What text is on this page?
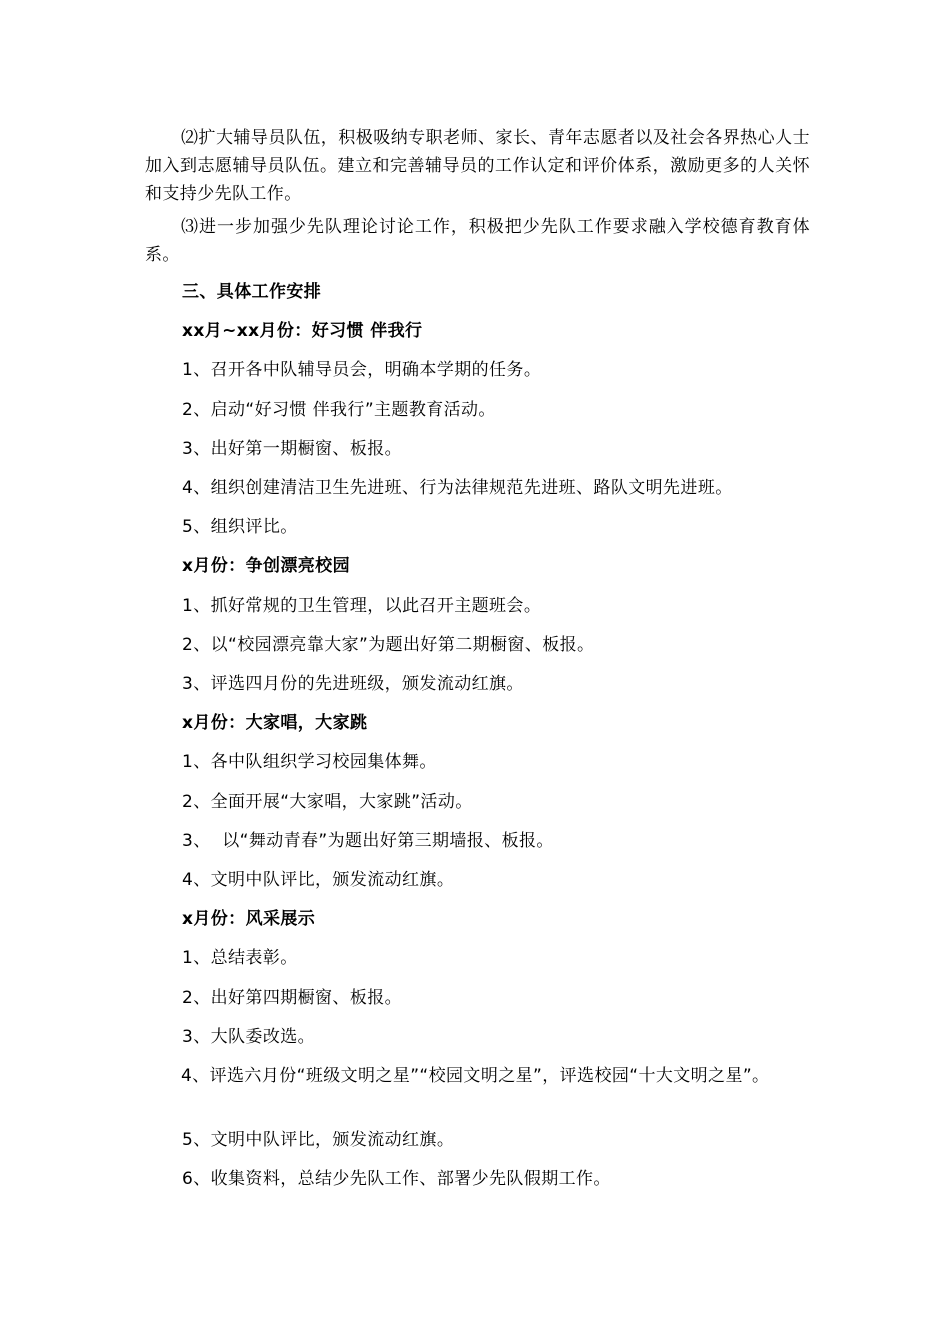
⑵扩大辅导员队伍，积极吸纳专职老师、家长、青年志愿者以及社会各界热心人士加入到志愿辅导员队伍。建立和完善辅导员的工作认定和评价体系，激励更多的人关怀和支持少先队工作。

⑶进一步加强少先队理论讨论工作，积极把少先队工作要求融入学校德育教育体系。

三、具体工作安排

xx月~xx月份：好习惯 伴我行

1、召开各中队辅导员会，明确本学期的任务。

2、启动“好习惯 伴我行”主题教育活动。

3、出好第一期橱窗、板报。

4、组织创建清洁卫生先进班、行为法律规范先进班、路队文明先进班。

5、组织评比。

x月份：争创漂亮校园

1、抓好常规的卫生管理，以此召开主题班会。

2、以“校园漂亮靠大家”为题出好第二期橱窗、板报。

3、评选四月份的先进班级，颁发流动红旗。

x月份：大家唱，大家跳

1、各中队组织学习校园集体舞。

2、全面开展“大家唱，大家跳”活动。

3、  以“舞动青春”为题出好第三期墙报、板报。

4、文明中队评比，颁发流动红旗。

x月份：风采展示

1、总结表彰。

2、出好第四期橱窗、板报。

3、大队委改选。

4、评选六月份“班级文明之星”“校园文明之星”，评选校园“十大文明之星”。

5、文明中队评比，颁发流动红旗。

6、收集资料，总结少先队工作、部署少先队假期工作。
